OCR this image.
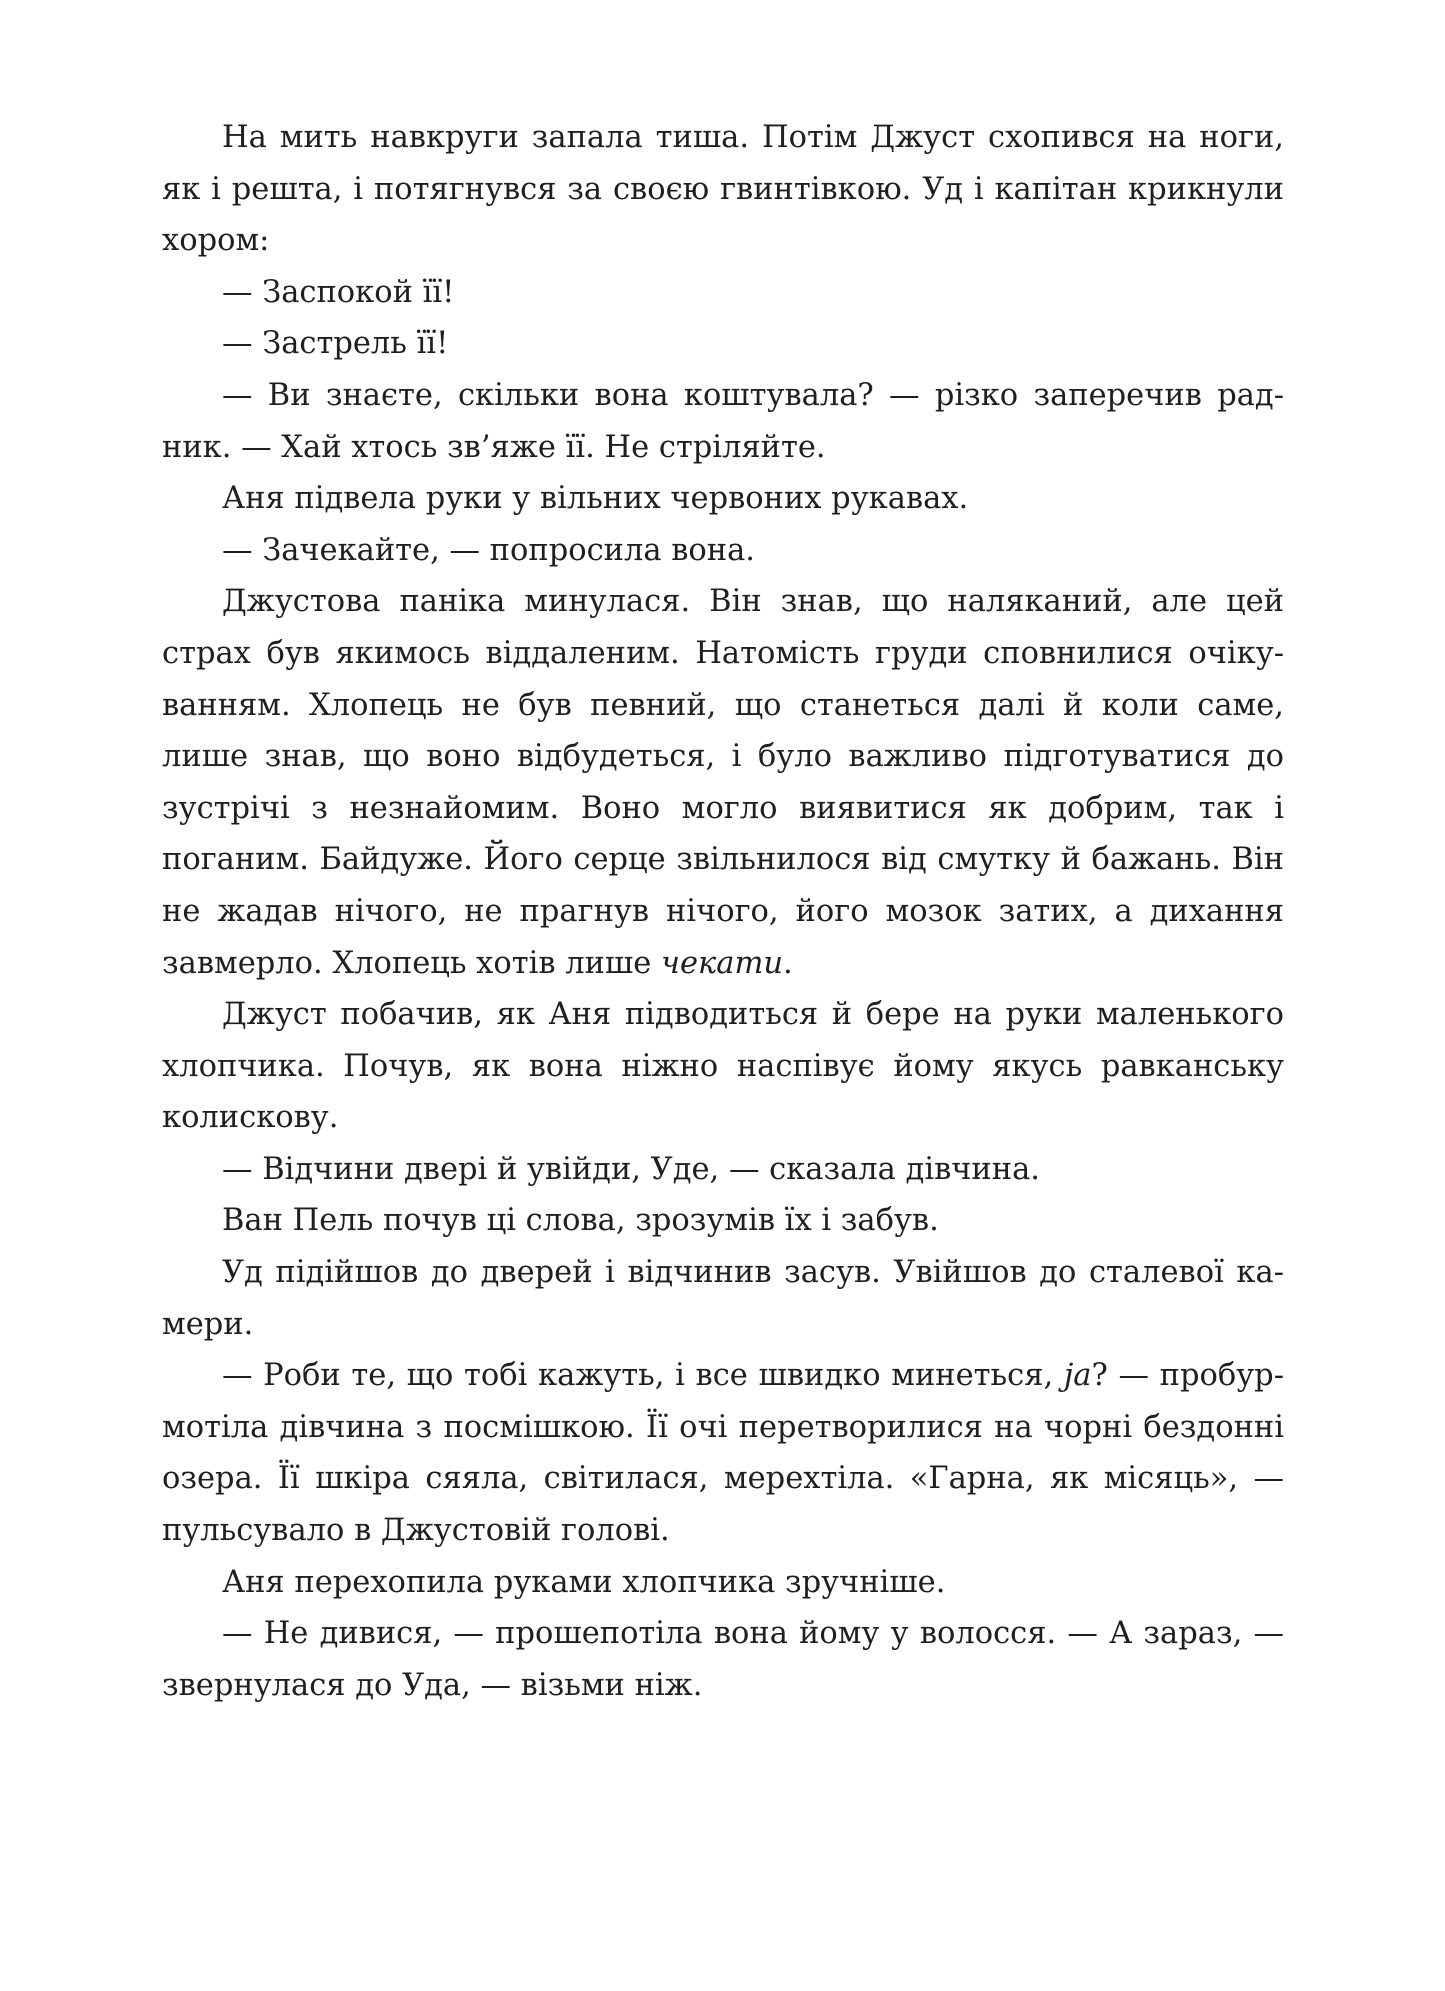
На мить навкруги запала тиша. Потім Джуст схопився на ноги, як і решта, і потягнувся за своєю гвинтівкою. Уд і капітан крикнули хором:

— Заспокой її!

— Застрель її!

— Ви знаєте, скільки вона коштувала? — різко заперечив радник. — Хай хтось зв’яже її. Не стріляйте.

Аня підвела руки у вільних червоних рукавах.

— Зачекайте, — попросила вона.

Джустова паніка минулася. Він знав, що наляканий, але цей страх був якимось віддаленим. Натомість груди сповнилися очікуванням. Хлопець не був певний, що станеться далі й коли саме, лише знав, що воно відбудеться, і було важливо підготуватися до зустрічі з незнайомим. Воно могло виявитися як добрим, так і поганим. Байдуже. Його серце звільнилося від смутку й бажань. Він не жадав нічого, не прагнув нічого, його мозок затих, а дихання завмерло. Хлопець хотів лише чекати.

Джуст побачив, як Аня підводиться й бере на руки маленького хлопчика. Почув, як вона ніжно наспівує йому якусь равканську колискову.

— Відчини двері й увійди, Уде, — сказала дівчина.

Ван Пель почув ці слова, зрозумів їх і забув.

Уд підійшов до дверей і відчинив засув. Увійшов до сталевої камери.

— Роби те, що тобі кажуть, і все швидко минеться, ja? — пробурмотіла дівчина з посмішкою. Її очі перетворилися на чорні бездонні озера. Її шкіра сяяла, світилася, мерехтіла. «Гарна, як місяць», — пульсувало в Джустовій голові.

Аня перехопила руками хлопчика зручніше.

— Не дивися, — прошепотіла вона йому у волосся. — А зараз, — звернулася до Уда, — візьми ніж.
